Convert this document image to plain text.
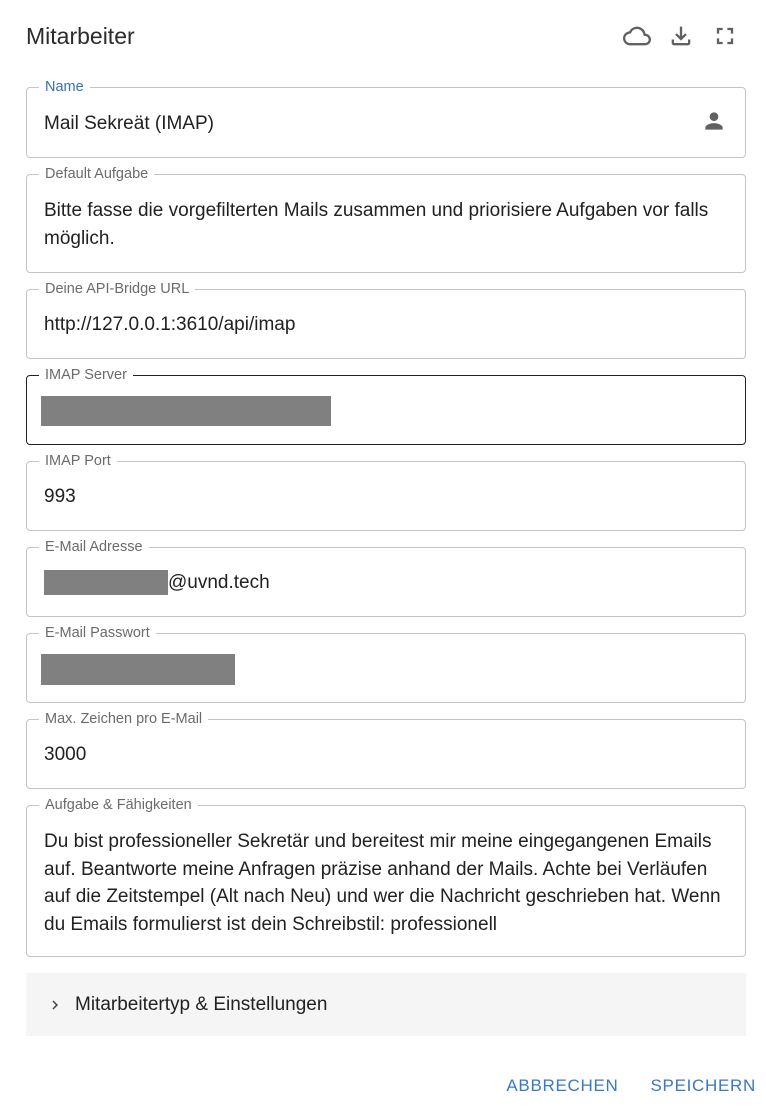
Mitarbeiter
Name
Mail Sekreät (IMAP)
Default Aufgabe
Bitte fasse die vorgefilterten Mails zusammen und priorisiere Aufgaben vor falls möglich.
Deine API-Bridge URL
http://127.0.0.1:3610/api/imap
IMAP Server
IMAP Port
993
E-Mail Adresse
@uvnd.tech
E-Mail Passwort
Max. Zeichen pro E-Mail
3000
Aufgabe & Fähigkeiten
Du bist professioneller Sekretär und bereitest mir meine eingegangenen Emails auf. Beantworte meine Anfragen präzise anhand der Mails. Achte bei Verläufen auf die Zeitstempel (Alt nach Neu) und wer die Nachricht geschrieben hat. Wenn du Emails formulierst ist dein Schreibstil: professionell
Mitarbeitertyp & Einstellungen
ABBRECHEN SPEICHERN
